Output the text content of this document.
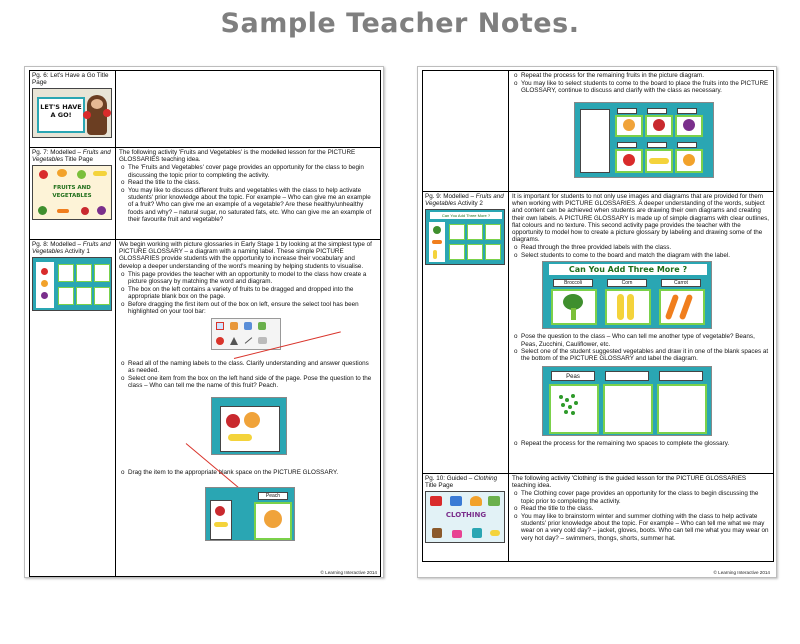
Sample Teacher Notes.
Pg. 6: Let's Have a Go Title Page
LET'S HAVE
A GO!
Pg. 7: Modelled – Fruits and Vegetables Title Page
FRUITS AND
VEGETABLES

The following activity 'Fruits and Vegetables' is the modelled lesson for the PICTURE GLOSSARIES teaching idea.

o The 'Fruits and Vegetables' cover page provides an opportunity for the class to begin discussing the topic prior to completing the activity.
o Read the title to the class.
o You may like to discuss different fruits and vegetables with the class to help activate students' prior knowledge about the topic. For example – Who can give me an example of a fruit? Who can give me an example of a vegetable? Are these healthy/unhealthy foods and why? – natural sugar, no saturated fats, etc. Who can give me an example of their favourite fruit and vegetable?
Pg. 8: Modelled – Fruits and Vegetables Activity 1

We begin working with picture glossaries in Early Stage 1 by looking at the simplest type of PICTURE GLOSSARY – a diagram with a naming label. These simple PICTURE GLOSSARIES provide students with the opportunity to increase their vocabulary and develop a deeper understanding of the word's meaning by helping students to visualise.

o This page provides the teacher with an opportunity to model to the class how create a picture glossary by matching the word and diagram.
o The box on the left contains a variety of fruits to be dragged and dropped into the appropriate blank box on the page.
o Before dragging the first item out of the box on left, ensure the select tool has been highlighted on your tool bar:
o Read all of the naming labels to the class. Clarify understanding and answer questions as needed.
o Select one item from the box on the left hand side of the page. Pose the question to the class – Who can tell me the name of this fruit? Peach.
o Drag the item to the appropriate blank space on the PICTURE GLOSSARY.
Peach
© Learning Interactive 2014
o Repeat the process for the remaining fruits in the picture diagram.
o You may like to select students to come to the board to place the fruits into the PICTURE GLOSSARY, continue to discuss and clarify with the class as necessary.
Pg. 9: Modelled – Fruits and Vegetables Activity 2
Can You Add Three More ?

It is important for students to not only use images and diagrams that are provided for them when working with PICTURE GLOSSARIES. A deeper understanding of the words, subject and content can be achieved when students are drawing their own diagrams and creating their own labels. A PICTURE GLOSSARY is made up of simple diagrams with clear outlines, flat colours and no texture. This second activity page provides the teacher with the opportunity to model how to create a picture glossary by labeling and drawing some of the diagrams.

o Read through the three provided labels with the class.
o Select students to come to the board and match the diagram with the label.
Can You Add Three More ?
Broccoli	Corn	Carrot
o Pose the question to the class – Who can tell me another type of vegetable? Beans, Peas, Zucchini, Cauliflower, etc.
o Select one of the student suggested vegetables and draw it in one of the blank spaces at the bottom of the PICTURE GLOSSARY and label the diagram.
Peas
o Repeat the process for the remaining two spaces to complete the glossary.
Pg. 10: Guided – Clothing Title Page
CLOTHING

The following activity 'Clothing' is the guided lesson for the PICTURE GLOSSARIES teaching idea.

o The Clothing cover page provides an opportunity for the class to begin discussing the topic prior to completing the activity.
o Read the title to the class.
o You may like to brainstorm winter and summer clothing with the class to help activate students' prior knowledge about the topic. For example – Who can tell me what we may wear on a very cold day? – jacket, gloves, boots. Who can tell me what you may wear on very hot day? – swimmers, thongs, shorts, summer hat.
© Learning Interactive 2014
